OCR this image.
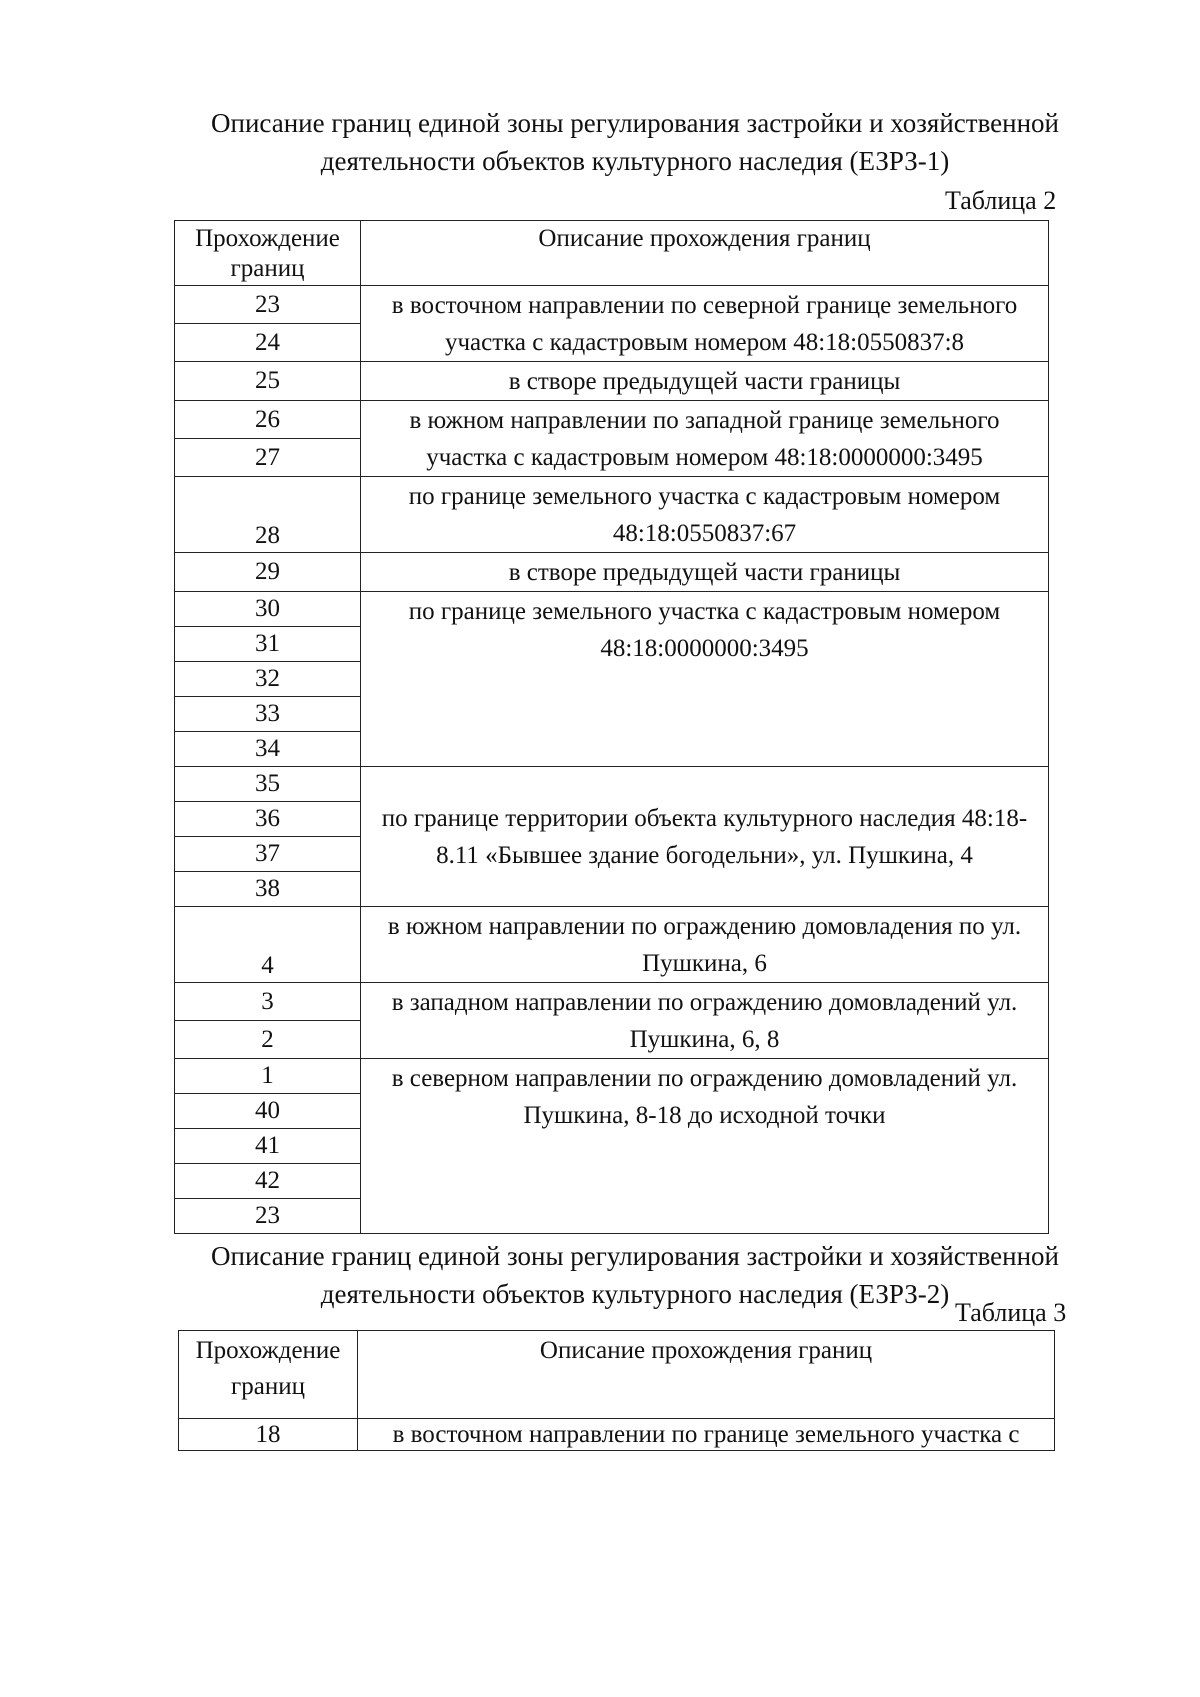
Описание границ единой зоны регулирования застройки и хозяйственной
деятельности объектов культурного наследия (ЕЗРЗ-1)
Таблица 2
Прохождение
границ	Описание прохождения границ
23	в восточном направлении по северной границе земельного участка с кадастровым номером 48:18:0550837:8
24	
25	в створе предыдущей части границы
26	в южном направлении по западной границе земельного участка с кадастровым номером 48:18:0000000:3495
27	
28	по границе земельного участка с кадастровым номером 48:18:0550837:67
29	в створе предыдущей части границы
30	по границе земельного участка с кадастровым номером 48:18:0000000:3495
31	
32	
33	
34	
35	по границе территории объекта культурного наследия 48:18-8.11 «Бывшее здание богодельни», ул. Пушкина, 4
36	
37	
38	
4	в южном направлении по ограждению домовладения по ул. Пушкина, 6
3	в западном направлении по ограждению домовладений ул. Пушкина, 6, 8
2	
1	в северном направлении по ограждению домовладений ул. Пушкина, 8-18 до исходной точки
40	
41	
42	
23	
Описание границ единой зоны регулирования застройки и хозяйственной
деятельности объектов культурного наследия (ЕЗРЗ-2)
Таблица 3
Прохождение
границ	Описание прохождения границ
18	в восточном направлении по границе земельного участка с
